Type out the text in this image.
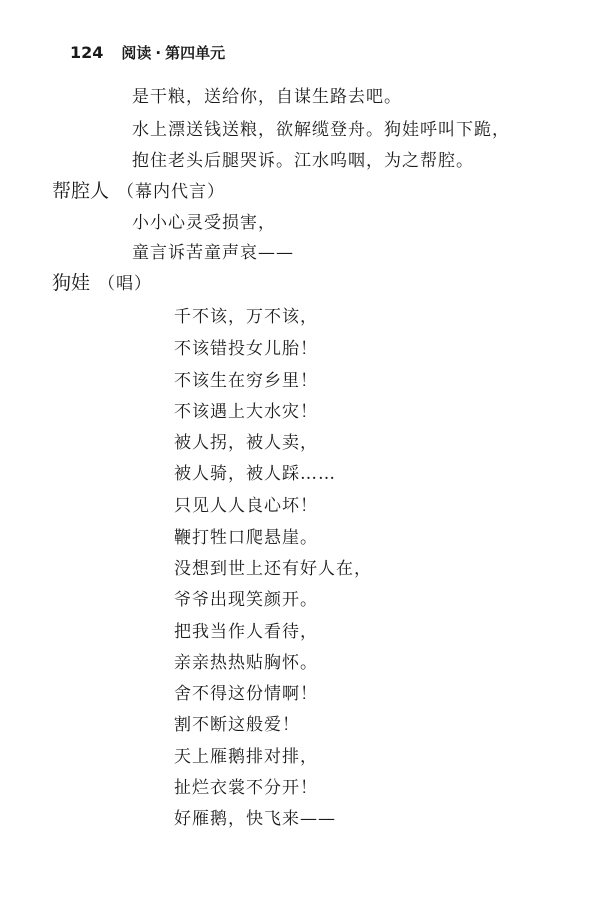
124 阅读 · 第四单元
是干粮，送给你，自谋生路去吧。
水上漂送钱送粮，欲解缆登舟。狗娃呼叫下跪，
抱住老头后腿哭诉。江水呜咽，为之帮腔。
帮腔人 （幕内代言）
小小心灵受损害，
童言诉苦童声哀——
狗娃 （唱）
千不该，万不该，
不该错投女儿胎！
不该生在穷乡里！
不该遇上大水灾！
被人拐，被人卖，
被人骑，被人踩……
只见人人良心坏！
鞭打牲口爬悬崖。
没想到世上还有好人在，
爷爷出现笑颜开。
把我当作人看待，
亲亲热热贴胸怀。
舍不得这份情啊！
割不断这般爱！
天上雁鹅排对排，
扯烂衣裳不分开！
好雁鹅，快飞来——
